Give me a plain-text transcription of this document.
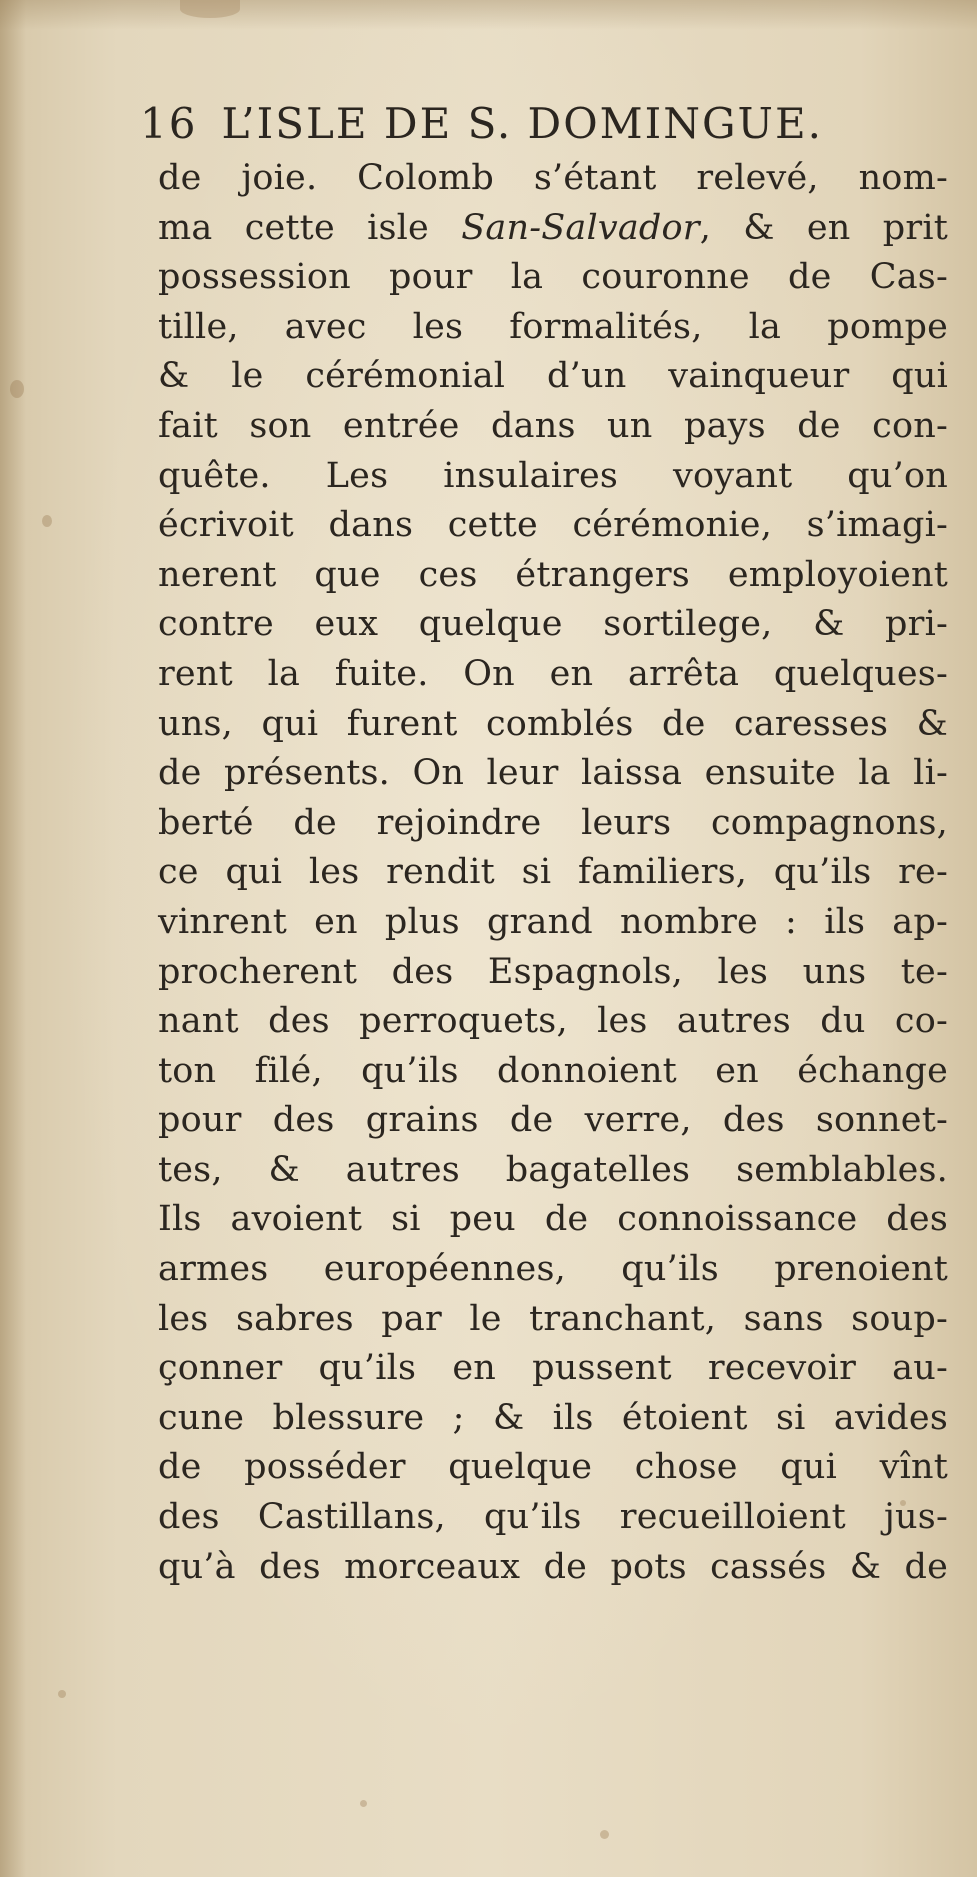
16 L’ISLE DE S. DOMINGUE.
de joie. Colomb s’étant relevé, nom-
ma cette isle San-Salvador, & en prit
possession pour la couronne de Cas-
tille, avec les formalités, la pompe
& le cérémonial d’un vainqueur qui
fait son entrée dans un pays de con-
quête. Les insulaires voyant qu’on
écrivoit dans cette cérémonie, s’imagi-
nerent que ces étrangers employoient
contre eux quelque sortilege, & pri-
rent la fuite. On en arrêta quelques-
uns, qui furent comblés de caresses &
de présents. On leur laissa ensuite la li-
berté de rejoindre leurs compagnons,
ce qui les rendit si familiers, qu’ils re-
vinrent en plus grand nombre : ils ap-
procherent des Espagnols, les uns te-
nant des perroquets, les autres du co-
ton filé, qu’ils donnoient en échange
pour des grains de verre, des sonnet-
tes, & autres bagatelles semblables.
Ils avoient si peu de connoissance des
armes européennes, qu’ils prenoient
les sabres par le tranchant, sans soup-
çonner qu’ils en pussent recevoir au-
cune blessure ; & ils étoient si avides
de posséder quelque chose qui vînt
des Castillans, qu’ils recueilloient jus-
qu’à des morceaux de pots cassés & de
